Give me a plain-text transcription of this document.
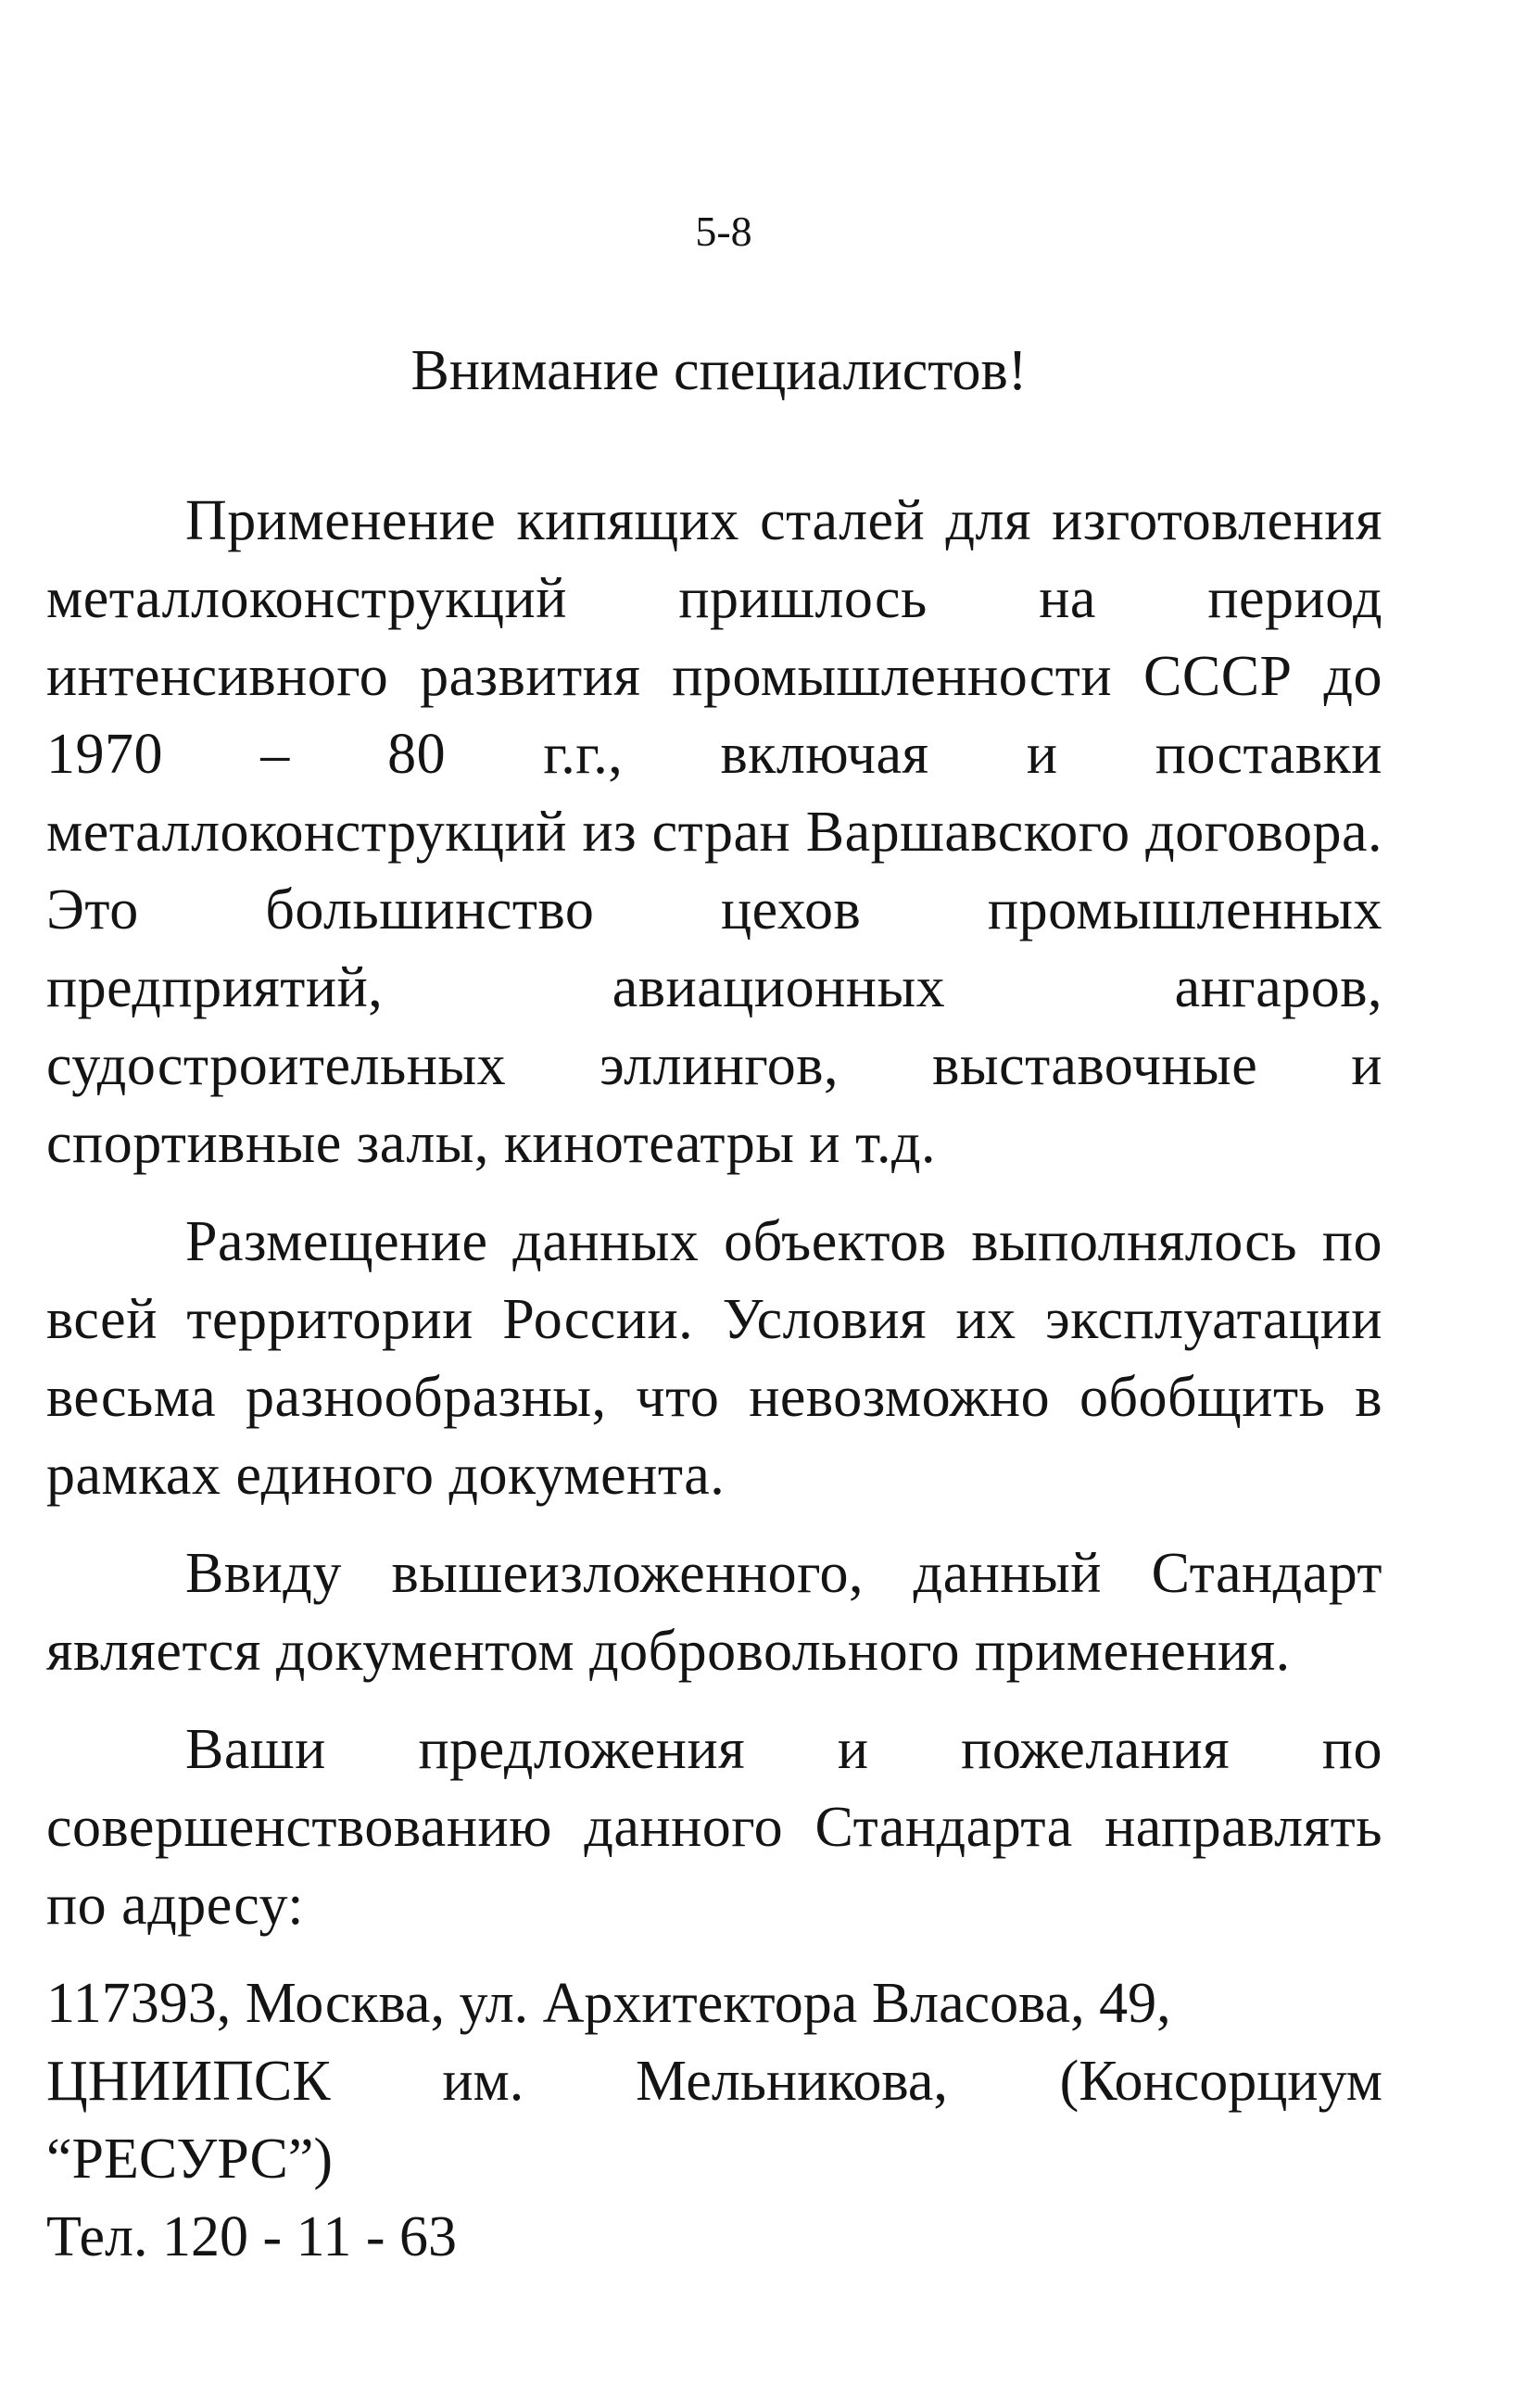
5-8
Внимание специалистов!

Применение кипящих сталей для изготовления металлоконструкций пришлось на период интенсивного развития промышленности СССР до 1970 – 80 г.г., включая и поставки металлоконструкций из стран Варшавского договора. Это большинство цехов промышленных предприятий, авиационных ангаров, судостроительных эллингов, выставочные и спортивные залы, кинотеатры и т.д.

Размещение данных объектов выполнялось по всей территории России. Условия их эксплуатации весьма разнообразны, что невозможно обобщить в рамках единого документа.

Ввиду вышеизложенного, данный Стандарт является документом добровольного применения.

Ваши предложения и пожелания по совершенствованию данного Стандарта направлять по адресу:

117393, Москва, ул. Архитектора Власова, 49,
ЦНИИПСК им. Мельникова, (Консорциум
“РЕСУРС”)
Тел. 120 - 11 - 63
